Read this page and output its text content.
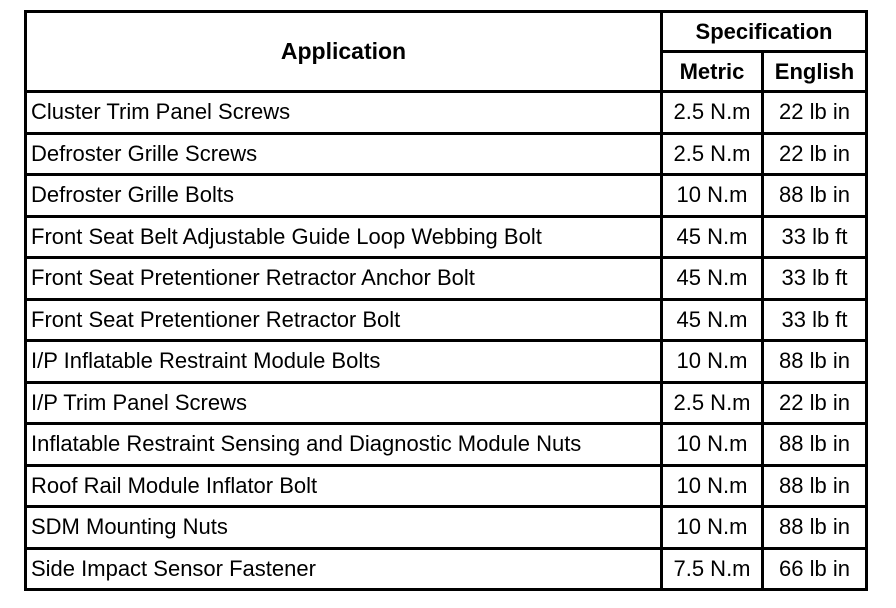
Application	Specification	
	Metric	English
Cluster Trim Panel Screws	2.5 N.m	22 lb in
Defroster Grille Screws	2.5 N.m	22 lb in
Defroster Grille Bolts	10 N.m	88 lb in
Front Seat Belt Adjustable Guide Loop Webbing Bolt	45 N.m	33 lb ft
Front Seat Pretentioner Retractor Anchor Bolt	45 N.m	33 lb ft
Front Seat Pretentioner Retractor Bolt	45 N.m	33 lb ft
I/P Inflatable Restraint Module Bolts	10 N.m	88 lb in
I/P Trim Panel Screws	2.5 N.m	22 lb in
Inflatable Restraint Sensing and Diagnostic Module Nuts	10 N.m	88 lb in
Roof Rail Module Inflator Bolt	10 N.m	88 lb in
SDM Mounting Nuts	10 N.m	88 lb in
Side Impact Sensor Fastener	7.5 N.m	66 lb in
